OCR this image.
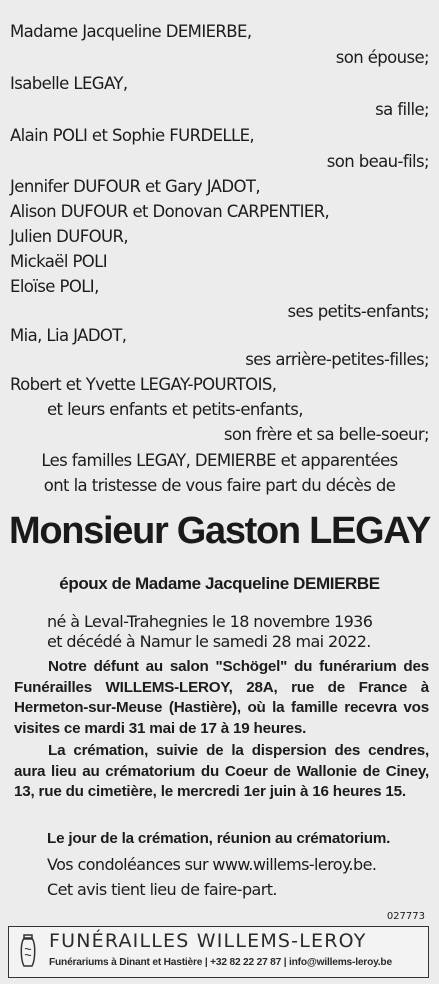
Madame Jacqueline DEMIERBE,
son épouse;
Isabelle LEGAY,
sa fille;
Alain POLI et Sophie FURDELLE,
son beau-fils;
Jennifer DUFOUR et Gary JADOT,
Alison DUFOUR et Donovan CARPENTIER,
Julien DUFOUR,
Mickaël POLI
Eloïse POLI,
ses petits-enfants;
Mia, Lia JADOT,
ses arrière-petites-filles;
Robert et Yvette LEGAY-POURTOIS,
et leurs enfants et petits-enfants,
son frère et sa belle-soeur;
Les familles LEGAY, DEMIERBE et apparentées
ont la tristesse de vous faire part du décès de
Monsieur Gaston LEGAY
époux de Madame Jacqueline DEMIERBE
né à Leval-Trahegnies le 18 novembre 1936
et décédé à Namur le samedi 28 mai 2022.
Notre défunt au salon "Schögel" du funérarium des Funérailles WILLEMS-LEROY, 28A, rue de France à Hermeton-sur-Meuse (Hastière), où la famille recevra vos visites ce mardi 31 mai de 17 à 19 heures.
La crémation, suivie de la dispersion des cendres, aura lieu au crématorium du Coeur de Wallonie de Ciney, 13, rue du cimetière, le mercredi 1er juin à 16 heures 15.
Le jour de la crémation, réunion au crématorium.
Vos condoléances sur www.willems-leroy.be.
Cet avis tient lieu de faire-part.
027773
FUNÉRAILLES WILLEMS-LEROY
Funérariums à Dinant et Hastière | +32 82 22 27 87 | info@willems-leroy.be
